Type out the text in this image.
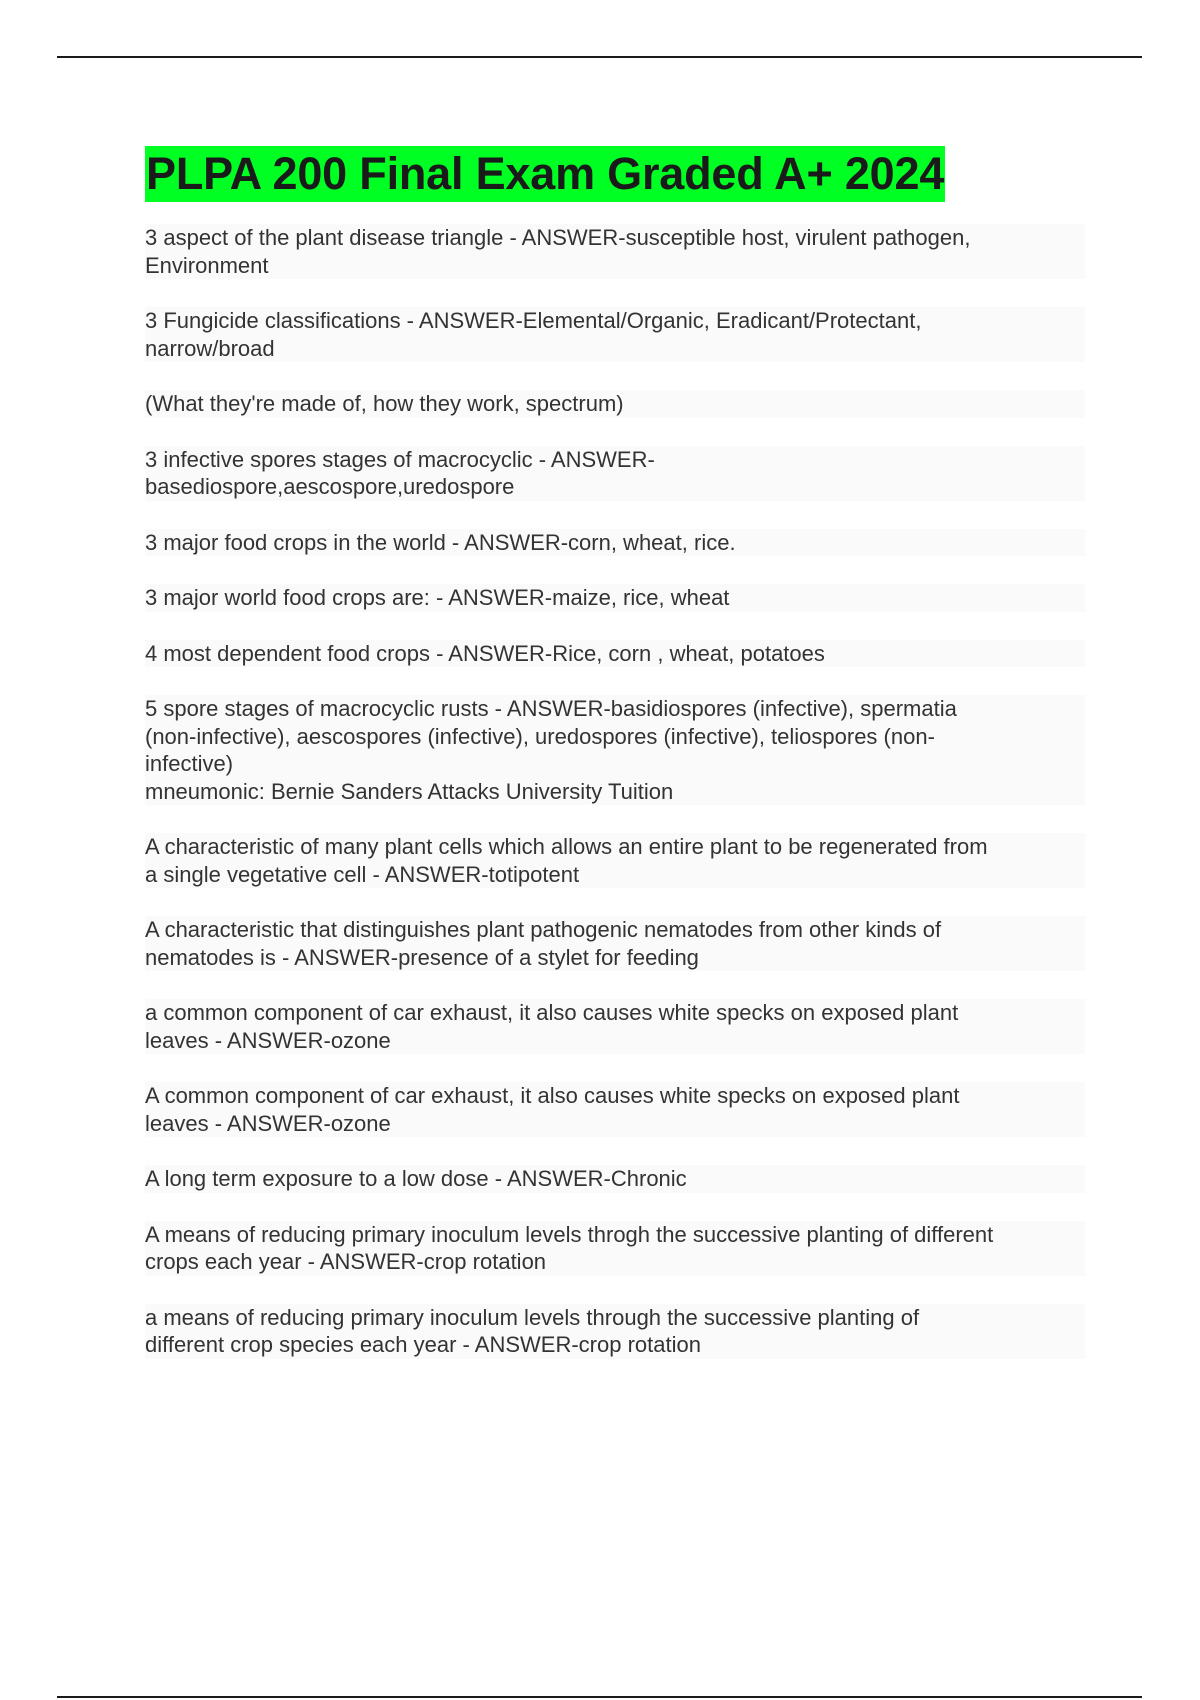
PLPA 200 Final Exam Graded A+ 2024
3 aspect of the plant disease triangle - ANSWER-susceptible host, virulent pathogen,
Environment
3 Fungicide classifications - ANSWER-Elemental/Organic, Eradicant/Protectant,
narrow/broad
(What they're made of, how they work, spectrum)
3 infective spores stages of macrocyclic - ANSWER-
basediospore,aescospore,uredospore
3 major food crops in the world - ANSWER-corn, wheat, rice.
3 major world food crops are: - ANSWER-maize, rice, wheat
4 most dependent food crops - ANSWER-Rice, corn , wheat, potatoes
5 spore stages of macrocyclic rusts - ANSWER-basidiospores (infective), spermatia
(non-infective), aescospores (infective), uredospores (infective), teliospores (non-
infective)
mneumonic: Bernie Sanders Attacks University Tuition
A characteristic of many plant cells which allows an entire plant to be regenerated from
a single vegetative cell - ANSWER-totipotent
A characteristic that distinguishes plant pathogenic nematodes from other kinds of
nematodes is - ANSWER-presence of a stylet for feeding
a common component of car exhaust, it also causes white specks on exposed plant
leaves - ANSWER-ozone
A common component of car exhaust, it also causes white specks on exposed plant
leaves - ANSWER-ozone
A long term exposure to a low dose - ANSWER-Chronic
A means of reducing primary inoculum levels throgh the successive planting of different
crops each year - ANSWER-crop rotation
a means of reducing primary inoculum levels through the successive planting of
different crop species each year - ANSWER-crop rotation
